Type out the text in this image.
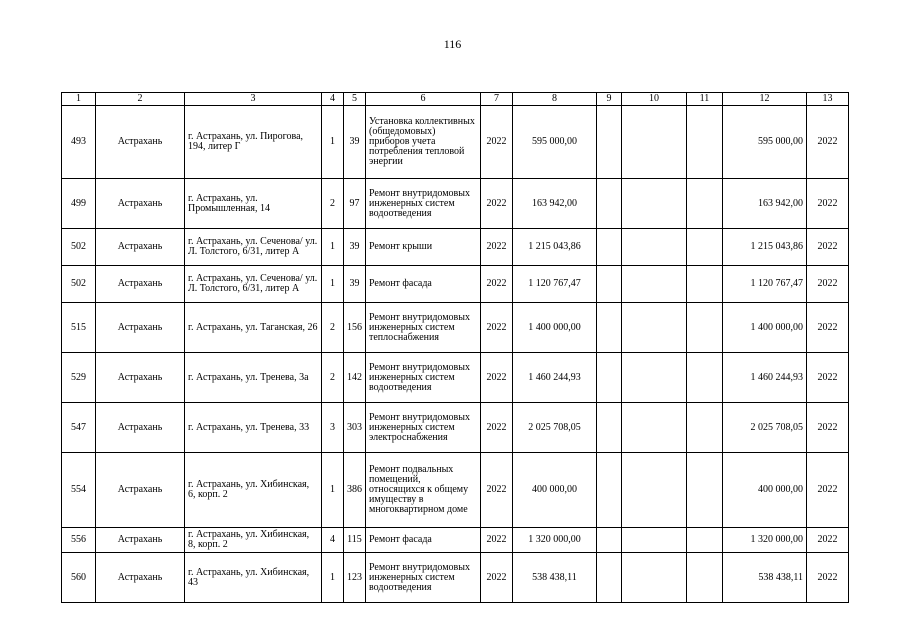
116
1	2	3	4	5	6	7	8	9	10	11	12	13
493	Астрахань	г. Астрахань, ул. Пирогова, 194, литер Г	1	39	Установка коллективных (общедомовых) приборов учета потребления тепловой энергии	2022	595 000,00				595 000,00	2022
499	Астрахань	г. Астрахань, ул. Промышленная, 14	2	97	Ремонт внутридомовых инженерных систем водоотведения	2022	163 942,00				163 942,00	2022
502	Астрахань	г. Астрахань, ул. Сеченова/ ул. Л. Толстого, 6/31, литер А	1	39	Ремонт крыши	2022	1 215 043,86				1 215 043,86	2022
502	Астрахань	г. Астрахань, ул. Сеченова/ ул. Л. Толстого, 6/31, литер А	1	39	Ремонт фасада	2022	1 120 767,47				1 120 767,47	2022
515	Астрахань	г. Астрахань, ул. Таганская, 26	2	156	Ремонт внутридомовых инженерных систем теплоснабжения	2022	1 400 000,00				1 400 000,00	2022
529	Астрахань	г. Астрахань, ул. Тренева, 3а	2	142	Ремонт внутридомовых инженерных систем водоотведения	2022	1 460 244,93				1 460 244,93	2022
547	Астрахань	г. Астрахань, ул. Тренева, 33	3	303	Ремонт внутридомовых инженерных систем электроснабжения	2022	2 025 708,05				2 025 708,05	2022
554	Астрахань	г. Астрахань, ул. Хибинская, 6, корп. 2	1	386	Ремонт подвальных помещений, относящихся к общему имуществу в многоквартирном доме	2022	400 000,00				400 000,00	2022
556	Астрахань	г. Астрахань, ул. Хибинская, 8, корп. 2	4	115	Ремонт фасада	2022	1 320 000,00				1 320 000,00	2022
560	Астрахань	г. Астрахань, ул. Хибинская, 43	1	123	Ремонт внутридомовых инженерных систем водоотведения	2022	538 438,11				538 438,11	2022
